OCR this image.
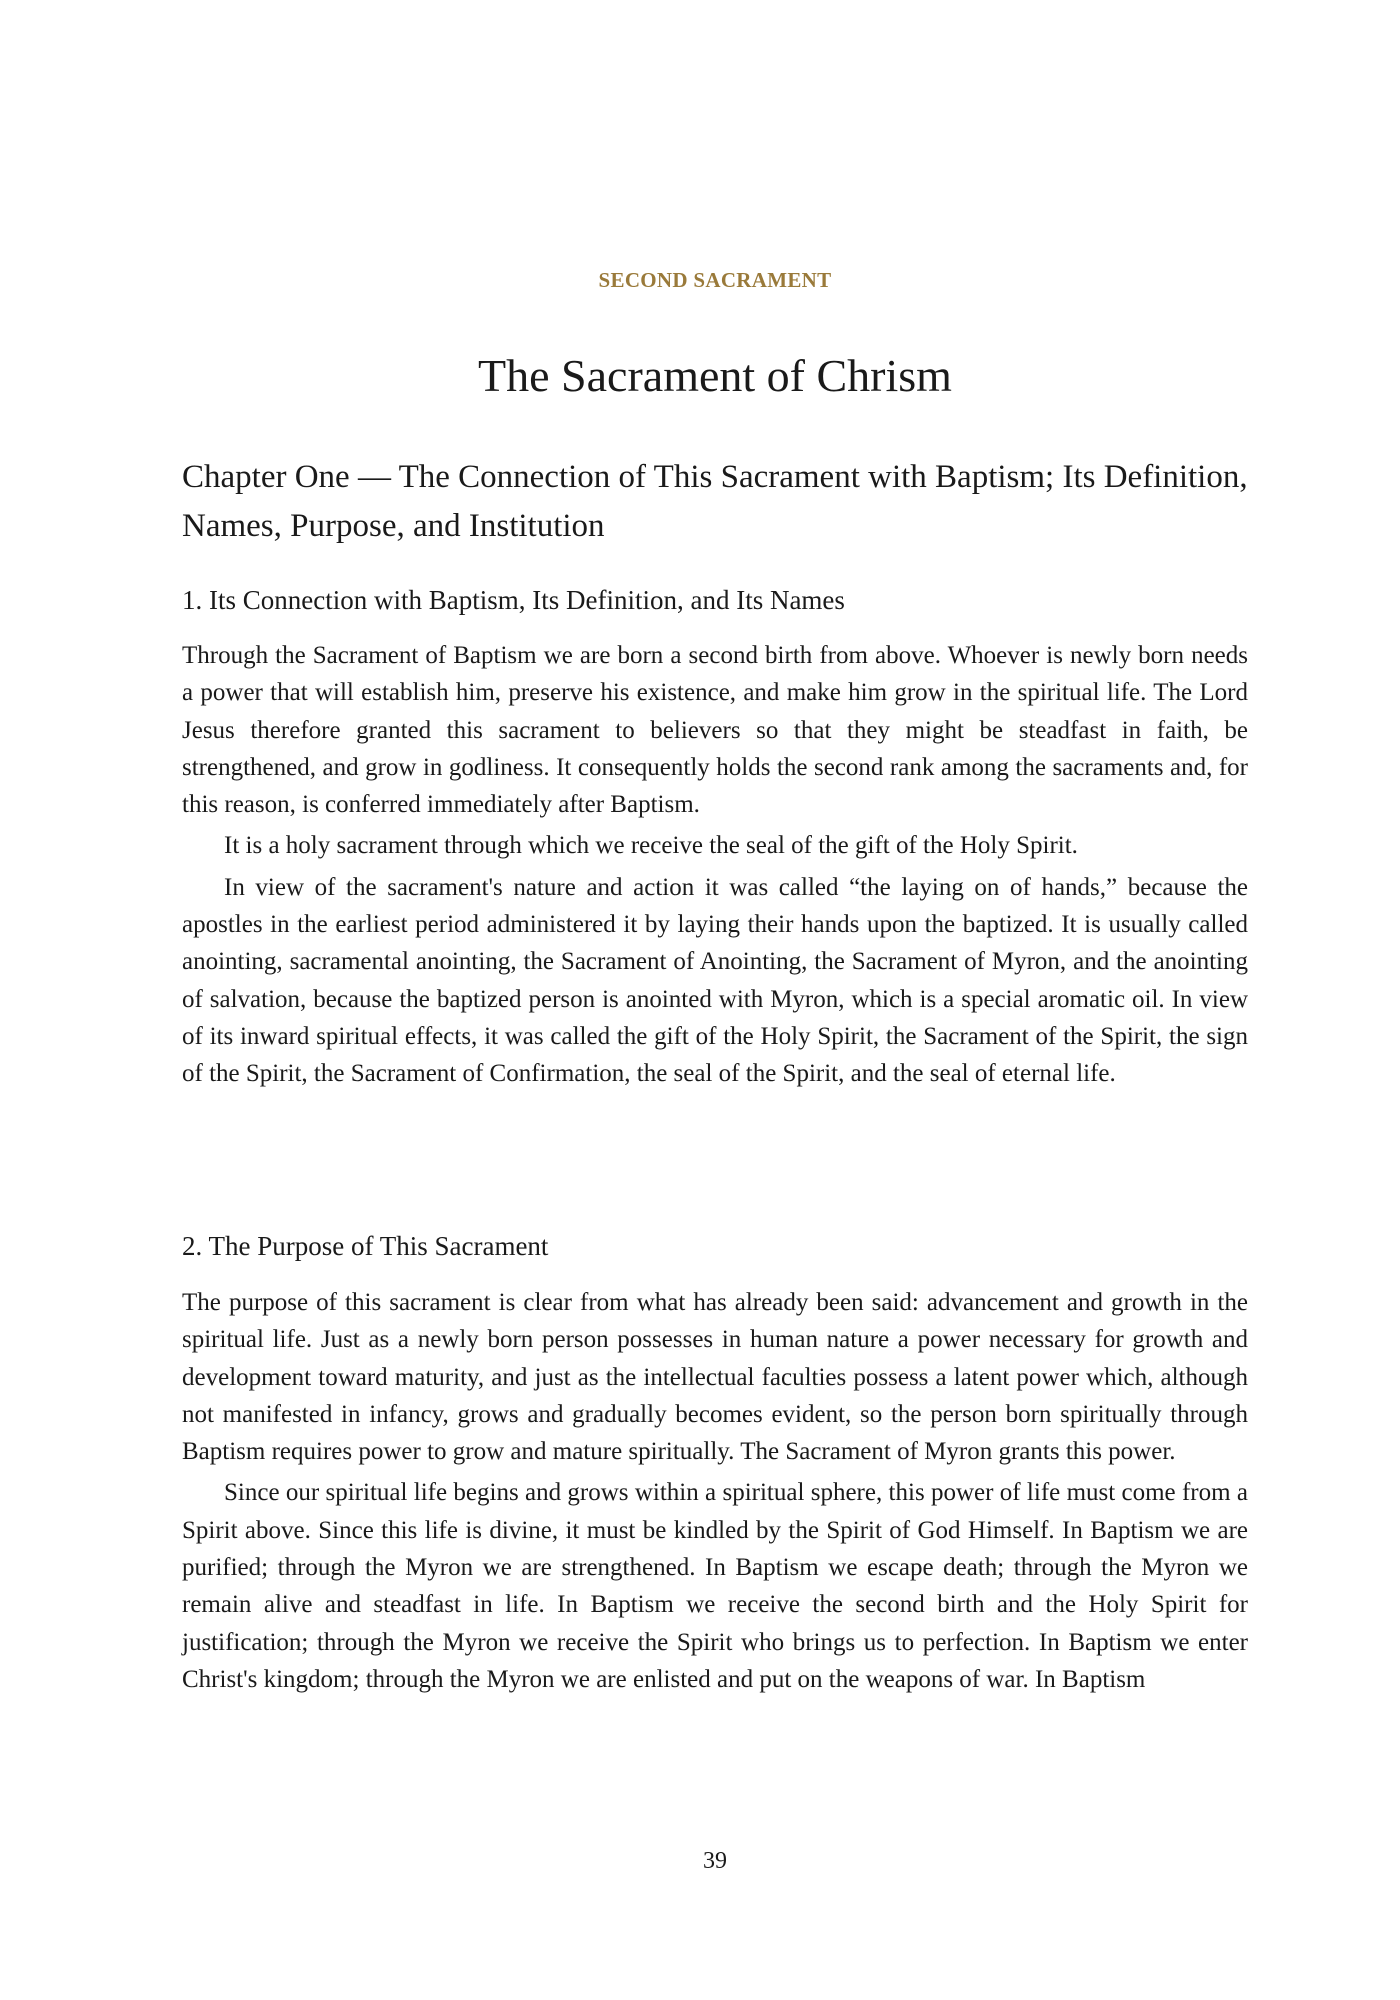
SECOND SACRAMENT
The Sacrament of Chrism
Chapter One — The Connection of This Sacrament with Baptism; Its Definition, Names, Purpose, and Institution
1. Its Connection with Baptism, Its Definition, and Its Names

Through the Sacrament of Baptism we are born a second birth from above. Whoever is newly born needs a power that will establish him, preserve his existence, and make him grow in the spiritual life. The Lord Jesus therefore granted this sacrament to believers so that they might be steadfast in faith, be strengthened, and grow in godliness. It consequently holds the second rank among the sacraments and, for this reason, is conferred immediately after Baptism.

It is a holy sacrament through which we receive the seal of the gift of the Holy Spirit.

In view of the sacrament's nature and action it was called “the laying on of hands,” because the apostles in the earliest period administered it by laying their hands upon the baptized. It is usually called anointing, sacramental anointing, the Sacrament of Anointing, the Sacrament of Myron, and the anointing of salvation, because the baptized person is anointed with Myron, which is a special aromatic oil. In view of its inward spiritual effects, it was called the gift of the Holy Spirit, the Sacrament of the Spirit, the sign of the Spirit, the Sacrament of Confirmation, the seal of the Spirit, and the seal of eternal life.

2. The Purpose of This Sacrament

The purpose of this sacrament is clear from what has already been said: advancement and growth in the spiritual life. Just as a newly born person possesses in human nature a power necessary for growth and development toward maturity, and just as the intellectual faculties possess a latent power which, although not manifested in infancy, grows and gradually becomes evident, so the person born spiritually through Baptism requires power to grow and mature spiritually. The Sacrament of Myron grants this power.

Since our spiritual life begins and grows within a spiritual sphere, this power of life must come from a Spirit above. Since this life is divine, it must be kindled by the Spirit of God Himself. In Baptism we are purified; through the Myron we are strengthened. In Baptism we escape death; through the Myron we remain alive and steadfast in life. In Baptism we receive the second birth and the Holy Spirit for justification; through the Myron we receive the Spirit who brings us to perfection. In Baptism we enter Christ's kingdom; through the Myron we are enlisted and put on the weapons of war. In Baptism

39
